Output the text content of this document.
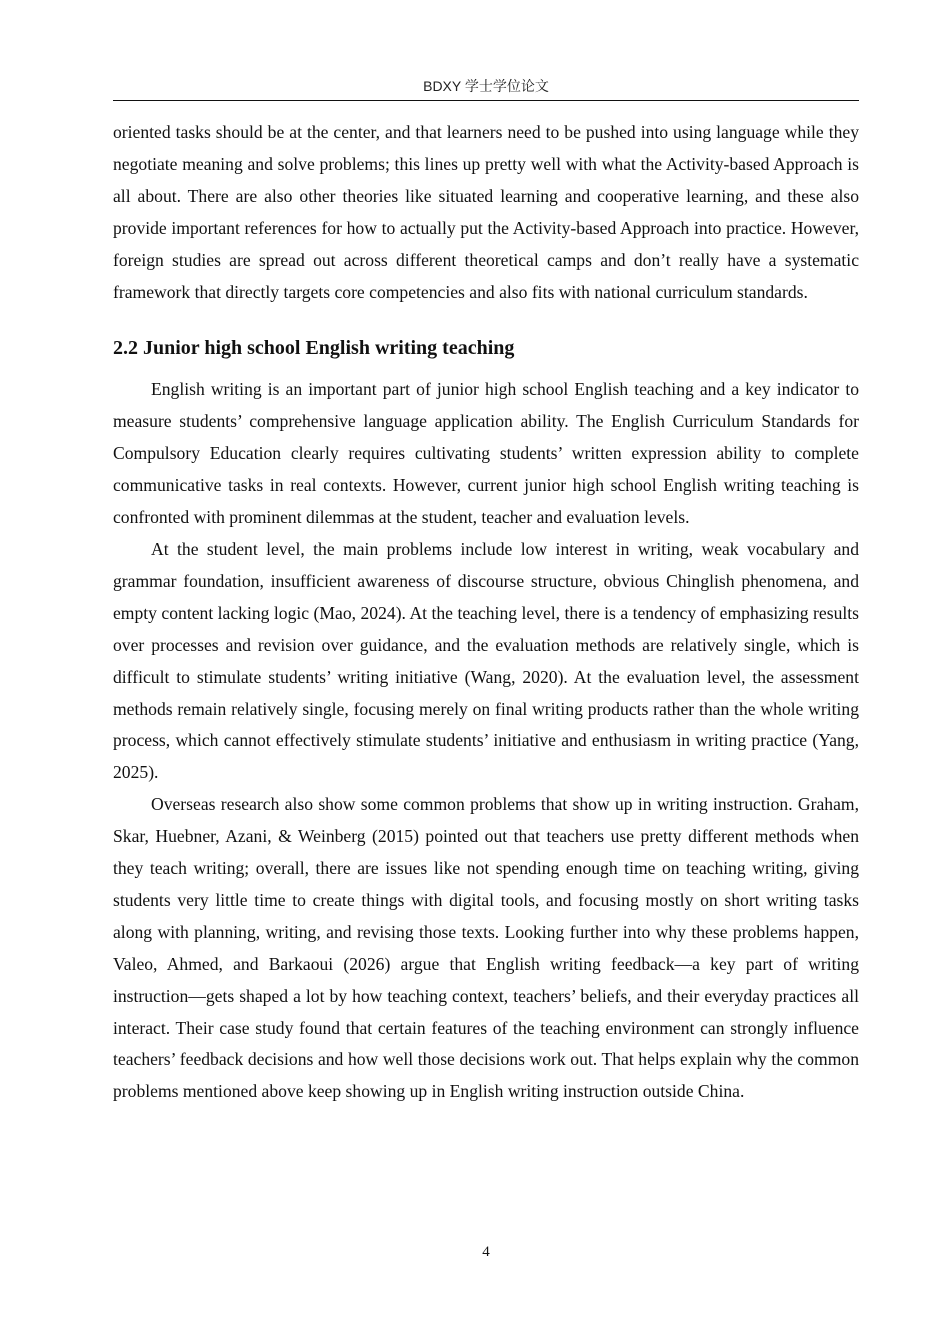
BDXY 学士学位论文

oriented tasks should be at the center, and that learners need to be pushed into using language while they negotiate meaning and solve problems; this lines up pretty well with what the Activity-based Approach is all about. There are also other theories like situated learning and cooperative learning, and these also provide important references for how to actually put the Activity-based Approach into practice. However, foreign studies are spread out across different theoretical camps and don’t really have a systematic framework that directly targets core competencies and also fits with national curriculum standards.

2.2 Junior high school English writing teaching

English writing is an important part of junior high school English teaching and a key indicator to measure students’ comprehensive language application ability. The English Curriculum Standards for Compulsory Education clearly requires cultivating students’ written expression ability to complete communicative tasks in real contexts. However, current junior high school English writing teaching is confronted with prominent dilemmas at the student, teacher and evaluation levels.

At the student level, the main problems include low interest in writing, weak vocabulary and grammar foundation, insufficient awareness of discourse structure, obvious Chinglish phenomena, and empty content lacking logic (Mao, 2024). At the teaching level, there is a tendency of emphasizing results over processes and revision over guidance, and the evaluation methods are relatively single, which is difficult to stimulate students’ writing initiative (Wang, 2020). At the evaluation level, the assessment methods remain relatively single, focusing merely on final writing products rather than the whole writing process, which cannot effectively stimulate students’ initiative and enthusiasm in writing practice (Yang, 2025).

Overseas research also show some common problems that show up in writing instruction. Graham, Skar, Huebner, Azani, & Weinberg (2015) pointed out that teachers use pretty different methods when they teach writing; overall, there are issues like not spending enough time on teaching writing, giving students very little time to create things with digital tools, and focusing mostly on short writing tasks along with planning, writing, and revising those texts. Looking further into why these problems happen, Valeo, Ahmed, and Barkaoui (2026) argue that English writing feedback—a key part of writing instruction—gets shaped a lot by how teaching context, teachers’ beliefs, and their everyday practices all interact. Their case study found that certain features of the teaching environment can strongly influence teachers’ feedback decisions and how well those decisions work out. That helps explain why the common problems mentioned above keep showing up in English writing instruction outside China.

4
